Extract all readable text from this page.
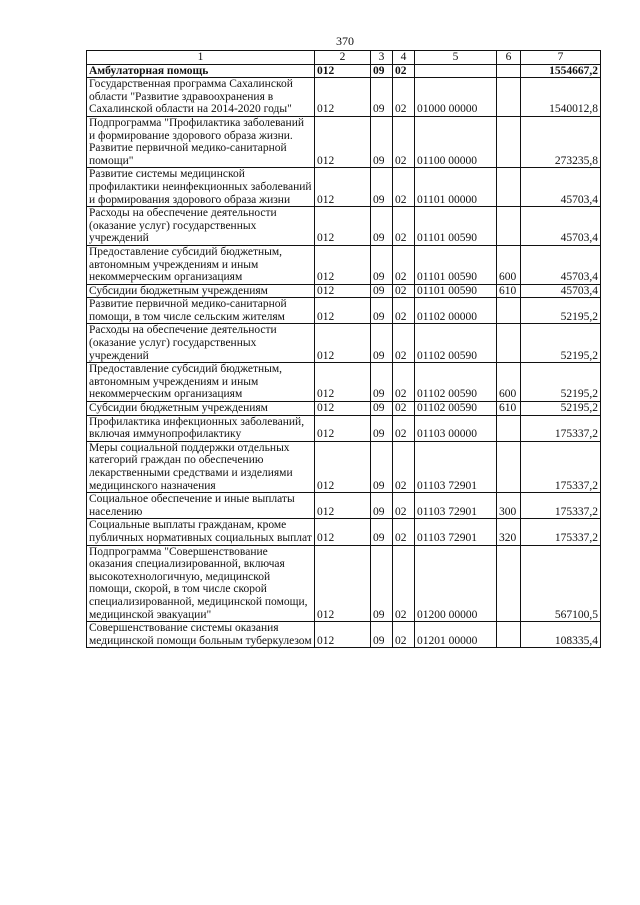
370
1	2	3	4	5	6	7
Амбулаторная помощь	012	09	02			1554667,2
Государственная программа Сахалинской области "Развитие здравоохранения в Сахалинской области на 2014-2020 годы"	012	09	02	01000 00000		1540012,8
Подпрограмма "Профилактика заболеваний и формирование здорового образа жизни. Развитие первичной медико-санитарной помощи"	012	09	02	01100 00000		273235,8
Развитие системы медицинской профилактики неинфекционных заболеваний и формирования здорового образа жизни	012	09	02	01101 00000		45703,4
Расходы на обеспечение деятельности (оказание услуг) государственных учреждений	012	09	02	01101 00590		45703,4
Предоставление субсидий бюджетным, автономным учреждениям и иным некоммерческим организациям	012	09	02	01101 00590	600	45703,4
Субсидии бюджетным учреждениям	012	09	02	01101 00590	610	45703,4
Развитие первичной медико-санитарной помощи, в том числе сельским жителям	012	09	02	01102 00000		52195,2
Расходы на обеспечение деятельности (оказание услуг) государственных учреждений	012	09	02	01102 00590		52195,2
Предоставление субсидий бюджетным, автономным учреждениям и иным некоммерческим организациям	012	09	02	01102 00590	600	52195,2
Субсидии бюджетным учреждениям	012	09	02	01102 00590	610	52195,2
Профилактика инфекционных заболеваний, включая иммунопрофилактику	012	09	02	01103 00000		175337,2
Меры социальной поддержки отдельных категорий граждан по обеспечению лекарственными средствами и изделиями медицинского назначения	012	09	02	01103 72901		175337,2
Социальное обеспечение и иные выплаты населению	012	09	02	01103 72901	300	175337,2
Социальные выплаты гражданам, кроме публичных нормативных социальных выплат	012	09	02	01103 72901	320	175337,2
Подпрограмма "Совершенствование оказания специализированной, включая высокотехнологичную, медицинской помощи, скорой, в том числе скорой специализированной, медицинской помощи, медицинской эвакуации"	012	09	02	01200 00000		567100,5
Совершенствование системы оказания медицинской помощи больным туберкулезом	012	09	02	01201 00000		108335,4
